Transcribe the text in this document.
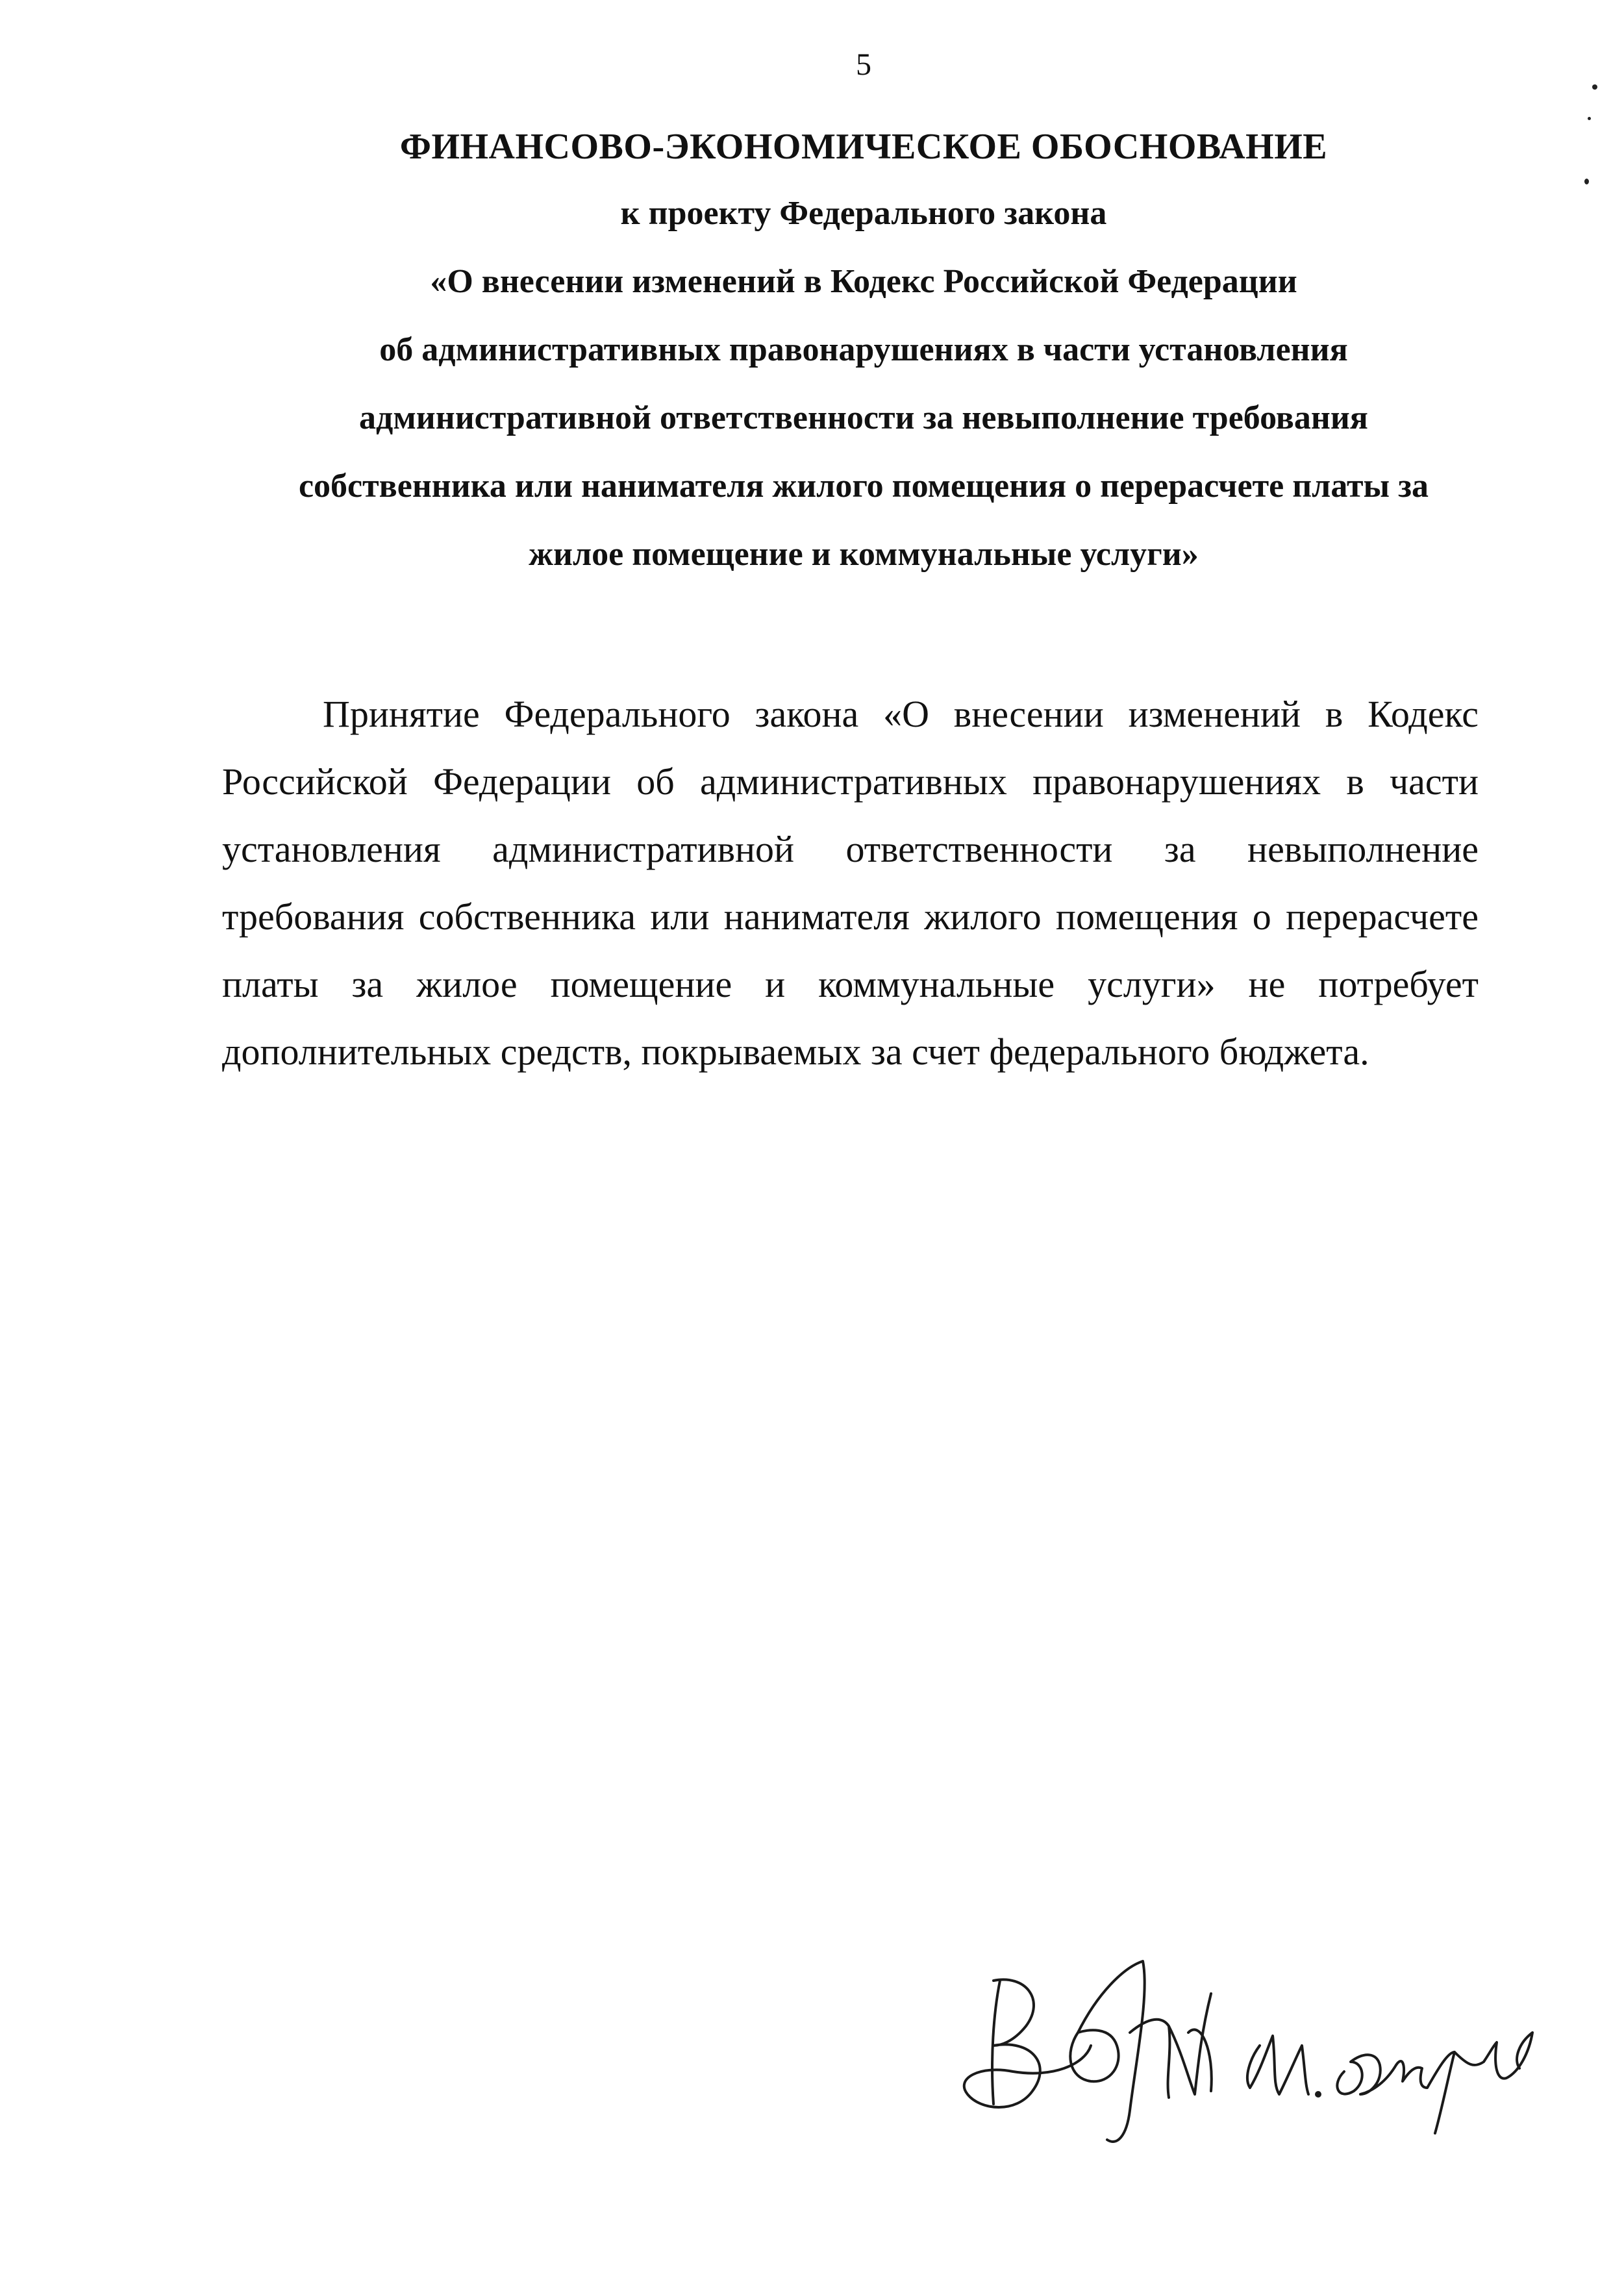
5
ФИНАНСОВО-ЭКОНОМИЧЕСКОЕ ОБОСНОВАНИЕ
к проекту Федерального закона
«О внесении изменений в Кодекс Российской Федерации
об административных правонарушениях в части установления
административной ответственности за невыполнение требования
собственника или нанимателя жилого помещения о перерасчете платы за
жилое помещение и коммунальные услуги»

Принятие Федерального закона «О внесении изменений в Кодекс Российской Федерации об административных правонарушениях в части установления административной ответственности за невыполнение требования собственника или нанимателя жилого помещения о перерасчете платы за жилое помещение и коммунальные услуги» не потребует дополнительных средств, покрываемых за счет федерального бюджета.
